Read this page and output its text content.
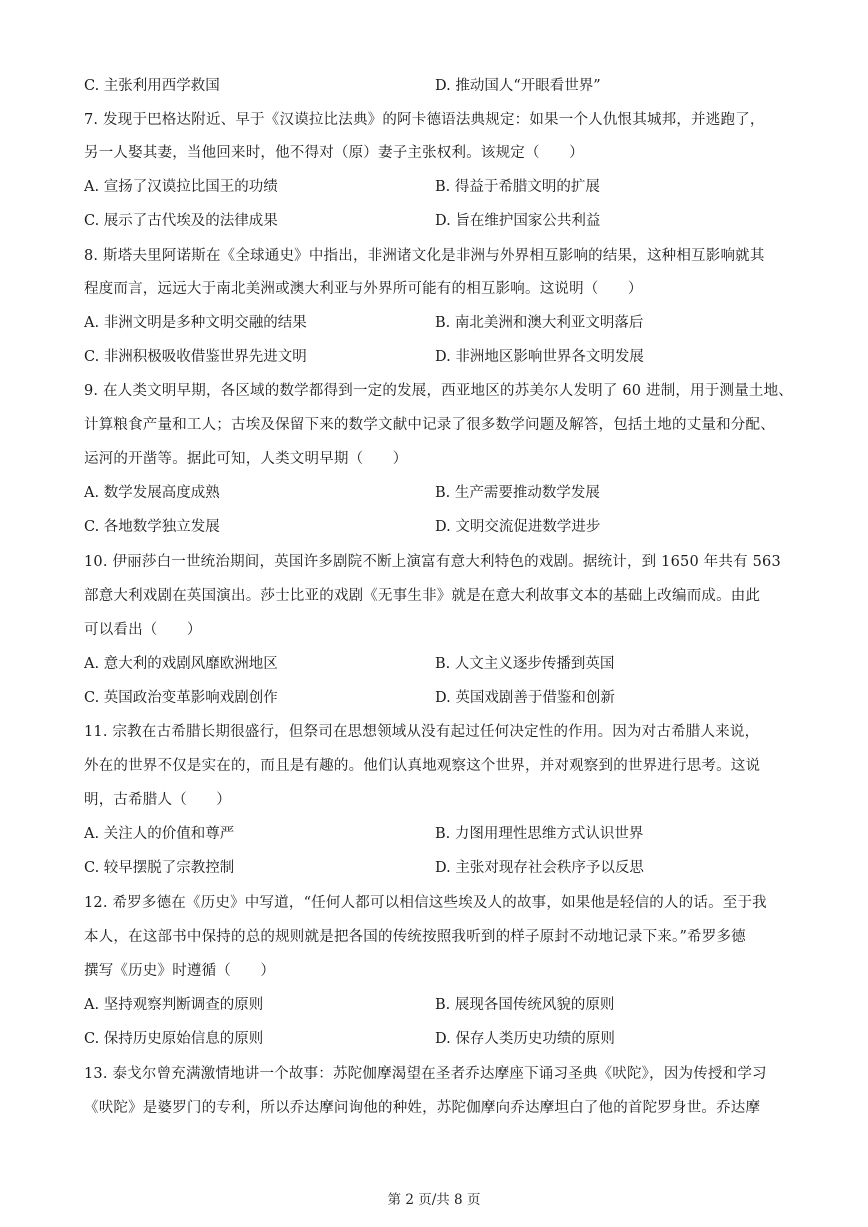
C. 主张利用西学救国	D. 推动国人“开眼看世界”
7. 发现于巴格达附近、早于《汉谟拉比法典》的阿卡德语法典规定：如果一个人仇恨其城邦，并逃跑了，
另一人娶其妻，当他回来时，他不得对（原）妻子主张权利。该规定（　　）
A. 宣扬了汉谟拉比国王的功绩	B. 得益于希腊文明的扩展
C. 展示了古代埃及的法律成果	D. 旨在维护国家公共利益
8. 斯塔夫里阿诺斯在《全球通史》中指出，非洲诸文化是非洲与外界相互影响的结果，这种相互影响就其
程度而言，远远大于南北美洲或澳大利亚与外界所可能有的相互影响。这说明（　　）
A. 非洲文明是多种文明交融的结果	B. 南北美洲和澳大利亚文明落后
C. 非洲积极吸收借鉴世界先进文明	D. 非洲地区影响世界各文明发展
9. 在人类文明早期，各区域的数学都得到一定的发展，西亚地区的苏美尔人发明了 60 进制，用于测量土地、
计算粮食产量和工人；古埃及保留下来的数学文献中记录了很多数学问题及解答，包括土地的丈量和分配、
运河的开凿等。据此可知，人类文明早期（　　）
A. 数学发展高度成熟	B. 生产需要推动数学发展
C. 各地数学独立发展	D. 文明交流促进数学进步
10. 伊丽莎白一世统治期间，英国许多剧院不断上演富有意大利特色的戏剧。据统计，到 1650 年共有 563
部意大利戏剧在英国演出。莎士比亚的戏剧《无事生非》就是在意大利故事文本的基础上改编而成。由此
可以看出（　　）
A. 意大利的戏剧风靡欧洲地区	B. 人文主义逐步传播到英国
C. 英国政治变革影响戏剧创作	D. 英国戏剧善于借鉴和创新
11. 宗教在古希腊长期很盛行，但祭司在思想领域从没有起过任何决定性的作用。因为对古希腊人来说，
外在的世界不仅是实在的，而且是有趣的。他们认真地观察这个世界，并对观察到的世界进行思考。这说
明，古希腊人（　　）
A. 关注人的价值和尊严	B. 力图用理性思维方式认识世界
C. 较早摆脱了宗教控制	D. 主张对现存社会秩序予以反思
12. 希罗多德在《历史》中写道，“任何人都可以相信这些埃及人的故事，如果他是轻信的人的话。至于我
本人，在这部书中保持的总的规则就是把各国的传统按照我听到的样子原封不动地记录下来。”希罗多德
撰写《历史》时遵循（　　）
A. 坚持观察判断调查的原则	B. 展现各国传统风貌的原则
C. 保持历史原始信息的原则	D. 保存人类历史功绩的原则
13. 泰戈尔曾充满激情地讲一个故事：苏陀伽摩渴望在圣者乔达摩座下诵习圣典《吠陀》，因为传授和学习
《吠陀》是婆罗门的专利，所以乔达摩问询他的种姓，苏陀伽摩向乔达摩坦白了他的首陀罗身世。乔达摩
第 2 页/共 8 页
